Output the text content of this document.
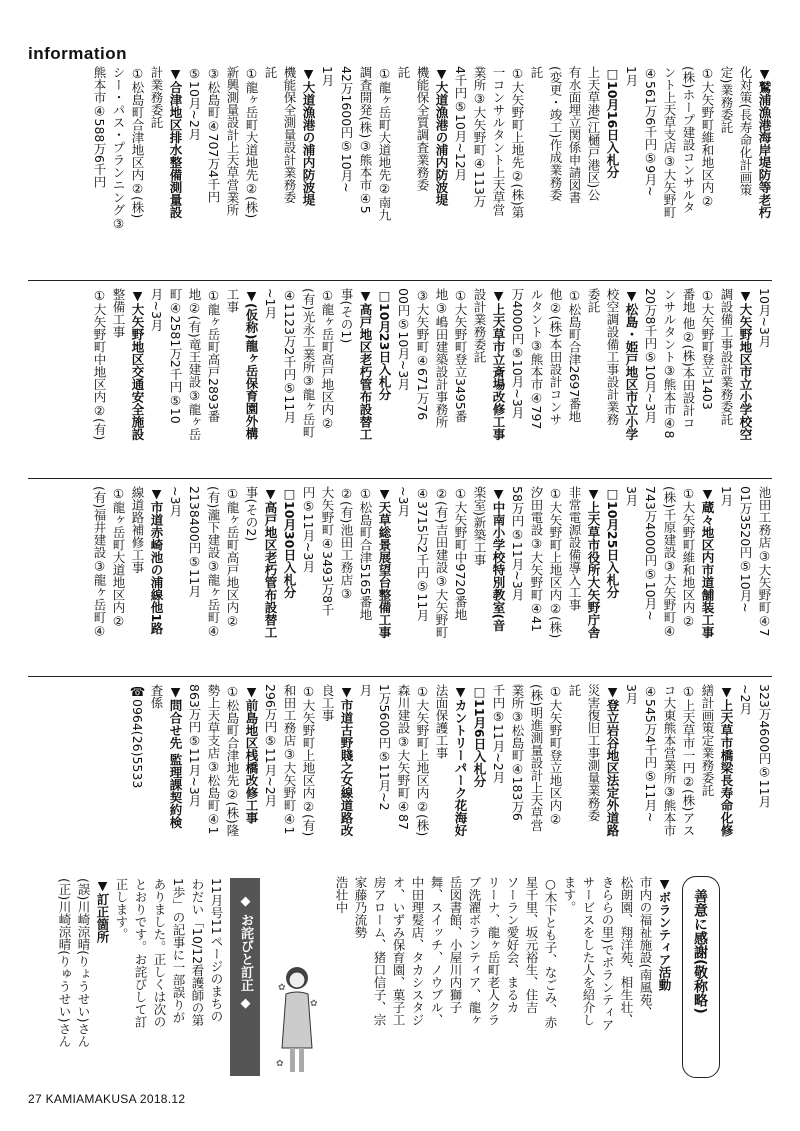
information
▼鷲浦漁港海岸堤防等老朽
化対策(長寿命化計画策
定)業務委託
①大矢野町維和地区内②
(株)ホープ建設コンサルタ
ント上天草支店③大矢野町
④561万6千円⑤9月~
1月
□10月16日入札分
上天草港(江樋戸港区)公
有水面埋立関係申請図書
(変更・竣工)作成業務委
託
①大矢野町上地先②(株)第
一コンサルタント上天草営
業所③大矢野町④113万
4千円⑤10月~12月
▼大道漁港の浦内防波堤
機能保全質調査業務委
託
①龍ヶ岳町大道地先②南九
調査開発(株)③熊本市④5
42万1600円⑤10月~
1月
▼大道漁港の浦内防波堤
機能保全測量設計業務委
託
①龍ヶ岳町大道地先②(株)
新興測量設計上天草営業所
③松島町④707万4千円
⑤10月~2月
▼合津地区排水整備測量設
計業務委託
①松島町合津地区内②(株)
シー・パス・プランニング③
熊本市④588万6千円
10月~3月
▼大矢野地区市立小学校空
調設備工事設計業務委託
①大矢野町登立1403
番地 他②(株)本田設計コ
ンサルタント③熊本市④8
20万8千円⑤10月~3月
▼松島・姫戸地区市立小学
校空調設備工事設計業務
委託
①松島町合津2697番地
他②(株)本田設計コンサ
ルタント③熊本市④797
万4000円⑤10月~3月
▼上天草市立斎場改修工事
設計業務委託
①大矢野町登立3495番
地③嶋田建築設計事務所
③大矢野町④671万76
00円⑤10月~3月
□10月23日入札分
▼高戸地区老朽管布設替工
事(その1)
①龍ヶ岳町高戸地区内②
(有)光永工業所③龍ヶ岳町
④1123万2千円⑤11月
~1月
▼(仮称)龍ヶ岳保育園外構
工事
①龍ヶ岳町高戸2893番
地②(有)竜王建設③龍ヶ岳
町④2581万2千円⑤10
月~3月
▼大矢野地区交通安全施設
整備工事
①大矢野町中地区内②(有)
池田工務店③大矢野町④7
01万3520円⑤10月~
1月
▼蔵々地区内市道舗装工事
①大矢野町維和地区内②
(株)千原建設③大矢野町④
743万4000円⑤10月~
3月
□10月25日入札分
▼上天草市役所大矢野庁舎
非常電源設備導入工事
①大矢野町上地区内②(株)
汐田電設③大矢野町④41
58万円⑤11月~3月
▼中南小学校特別教室(音
楽室)新築工事
①大矢野町中9720番地
②(有)吉田建設③大矢野町
④3715万2千円⑤11月
~3月
▼天草総景展望台整備工事
①松島町合津5165番地
②(有)池田工務店③
大矢野町④3493万8千
円⑤11月~3月
□10月30日入札分
▼高戸地区老朽管布設替工
事(その2)
①龍ヶ岳町高戸地区内②
(有)瀧下建設③龍ヶ岳町④
2138400円⑤11月
~3月
▼市道赤崎池の浦線他1路
線道路補修工事
①龍ヶ岳町大道地区内②
(有)福井建設③龍ヶ岳町④
323万4600円⑤11月
~2月
▼上天草市橋梁長寿命化修
繕計画策定業務委託
①上天草市一円②(株)アス
コ大東熊本営業所③熊本市
④545万4千円⑤11月~
3月
▼登立岩谷地区法定外道路
災害復旧工事測量業務委
託
①大矢野町登立地区内②
(株)明進測量設計上天草営
業所③松島町④183万6
千円⑤11月~2月
□11月6日入札分
▼カントリーパーク花海好
法面保護工事
①大矢野町上地区内②(株)
森川建設③大矢野町④87
1万5600円⑤11月~2
月
▼市道古野賤之女線道路改
良工事
①大矢野町上地区内②(有)
和田工務店③大矢野町④1
296万円⑤11月~2月
▼前島地区桟橋改修工事
①松島町合津地先②(株)隆
勢上天草支店③松島町④1
863万円⑤11月~3月
▼問合せ先 監理課契約検
査係
☎0964(26)5533
善意に感謝(敬称略)
▼ボランティア活動
市内の福祉施設(南風苑、
松朗園、翔洋苑、相生壮、
きららの里)でボランティア
サービスをした人を紹介し
ます。
○木下とも子、なごみ、赤
星千里、坂元裕生、住吉
ソーラン愛好会、まるカ
リーナ、龍ヶ岳町老人クラ
ブ洗濯ボランティア、龍ヶ
岳図書館、小屋川内獅子
舞、スイッチ、ノウブル、
中田理髪店、タカシスタジ
オ、いずみ保育園、菓子工
房アローム、猪口信子、宗
家藤乃流勢
浩壮中
◆ お詫びと訂正 ◆
11月号11ページのまちの
わだい「10/12看護師の第
1歩」の記事に一部誤りが
ありました。正しくは次の
とおりです。お詫びして訂
正します。
▼訂正箇所
(誤)川崎涼晴(りょうせい)さん
(正)川崎涼晴(りゅうせい)さん	✿
✿
✿
27 KAMIAMAKUSA 2018.12
